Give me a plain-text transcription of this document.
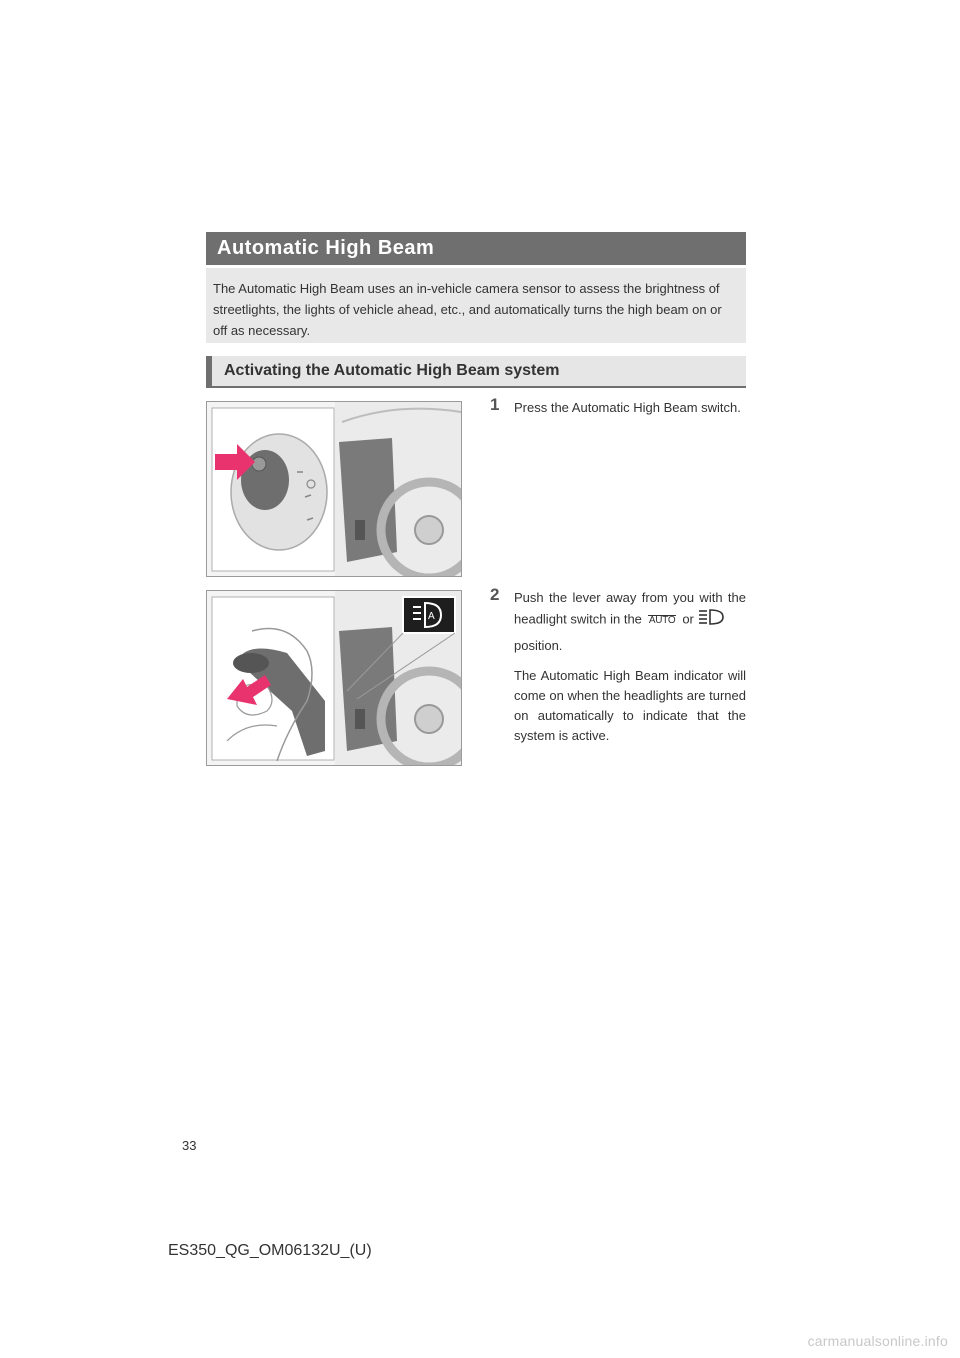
Automatic High Beam
The Automatic High Beam uses an in-vehicle camera sensor to assess the brightness of streetlights, the lights of vehicle ahead, etc., and automatically turns the high beam on or off as necessary.
Activating the Automatic High Beam system
1 Press the Automatic High Beam switch.
A
2 Push the lever away from you with the headlight switch in the AUTO or
position.
The Automatic High Beam indicator will come on when the headlights are turned on automatically to indicate that the system is active.
33
ES350_QG_OM06132U_(U)
carmanualsonline.info
